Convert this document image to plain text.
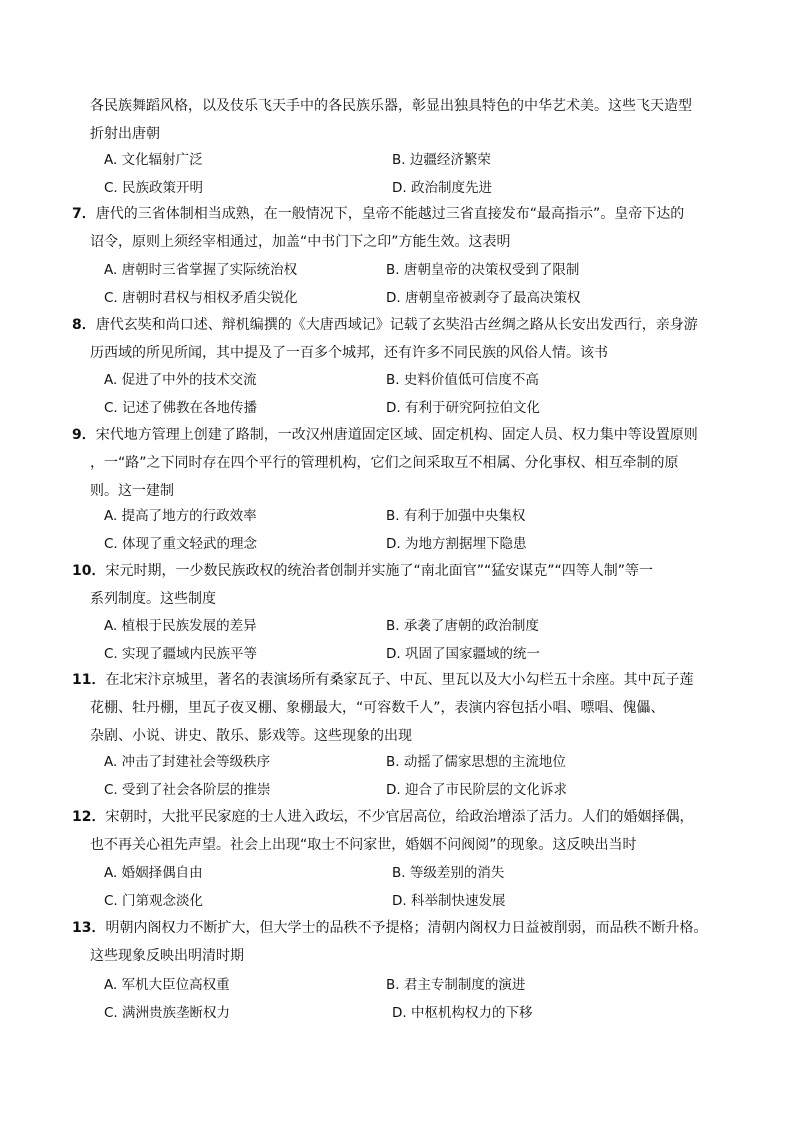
各民族舞蹈风格，以及伎乐飞天手中的各民族乐器，彰显出独具特色的中华艺术美。这些飞天造型
折射出唐朝
A. 文化辐射广泛	B. 边疆经济繁荣
C. 民族政策开明	D. 政治制度先进
7．唐代的三省体制相当成熟，在一般情况下，皇帝不能越过三省直接发布“最高指示”。皇帝下达的
诏令，原则上须经宰相通过，加盖“中书门下之印”方能生效。这表明
A. 唐朝时三省掌握了实际统治权	B. 唐朝皇帝的决策权受到了限制
C. 唐朝时君权与相权矛盾尖锐化	D. 唐朝皇帝被剥夺了最高决策权
8．唐代玄奘和尚口述、辩机编撰的《大唐西域记》记载了玄奘沿古丝绸之路从长安出发西行，亲身游
历西域的所见所闻，其中提及了一百多个城邦，还有许多不同民族的风俗人情。该书
A. 促进了中外的技术交流	B. 史料价值低可信度不高
C. 记述了佛教在各地传播	D. 有利于研究阿拉伯文化
9．宋代地方管理上创建了路制，一改汉州唐道固定区域、固定机构、固定人员、权力集中等设置原则
，一“路”之下同时存在四个平行的管理机构，它们之间采取互不相属、分化事权、相互牵制的原
则。这一建制
A. 提高了地方的行政效率	B. 有利于加强中央集权
C. 体现了重文轻武的理念	D. 为地方割据埋下隐患
10．宋元时期，一少数民族政权的统治者创制并实施了“南北面官”“猛安谋克”“四等人制”等一
系列制度。这些制度
A. 植根于民族发展的差异	B. 承袭了唐朝的政治制度
C. 实现了疆域内民族平等	D. 巩固了国家疆域的统一
11．在北宋汴京城里，著名的表演场所有桑家瓦子、中瓦、里瓦以及大小勾栏五十余座。其中瓦子莲
花棚、牡丹棚，里瓦子夜叉棚、象棚最大，“可容数千人”，表演内容包括小唱、嘌唱、傀儡、
杂剧、小说、讲史、散乐、影戏等。这些现象的出现
A. 冲击了封建社会等级秩序	B. 动摇了儒家思想的主流地位
C. 受到了社会各阶层的推崇	D. 迎合了市民阶层的文化诉求
12．宋朝时，大批平民家庭的士人进入政坛，不少官居高位，给政治增添了活力。人们的婚姻择偶，
也不再关心祖先声望。社会上出现“取士不问家世，婚姻不问阀阅”的现象。这反映出当时
A. 婚姻择偶自由	B. 等级差别的消失
C. 门第观念淡化	D. 科举制快速发展
13．明朝内阁权力不断扩大，但大学士的品秩不予提格；清朝内阁权力日益被削弱，而品秩不断升格。
这些现象反映出明清时期
A. 军机大臣位高权重	B. 君主专制制度的演进
C. 满洲贵族垄断权力	D. 中枢机构权力的下移
